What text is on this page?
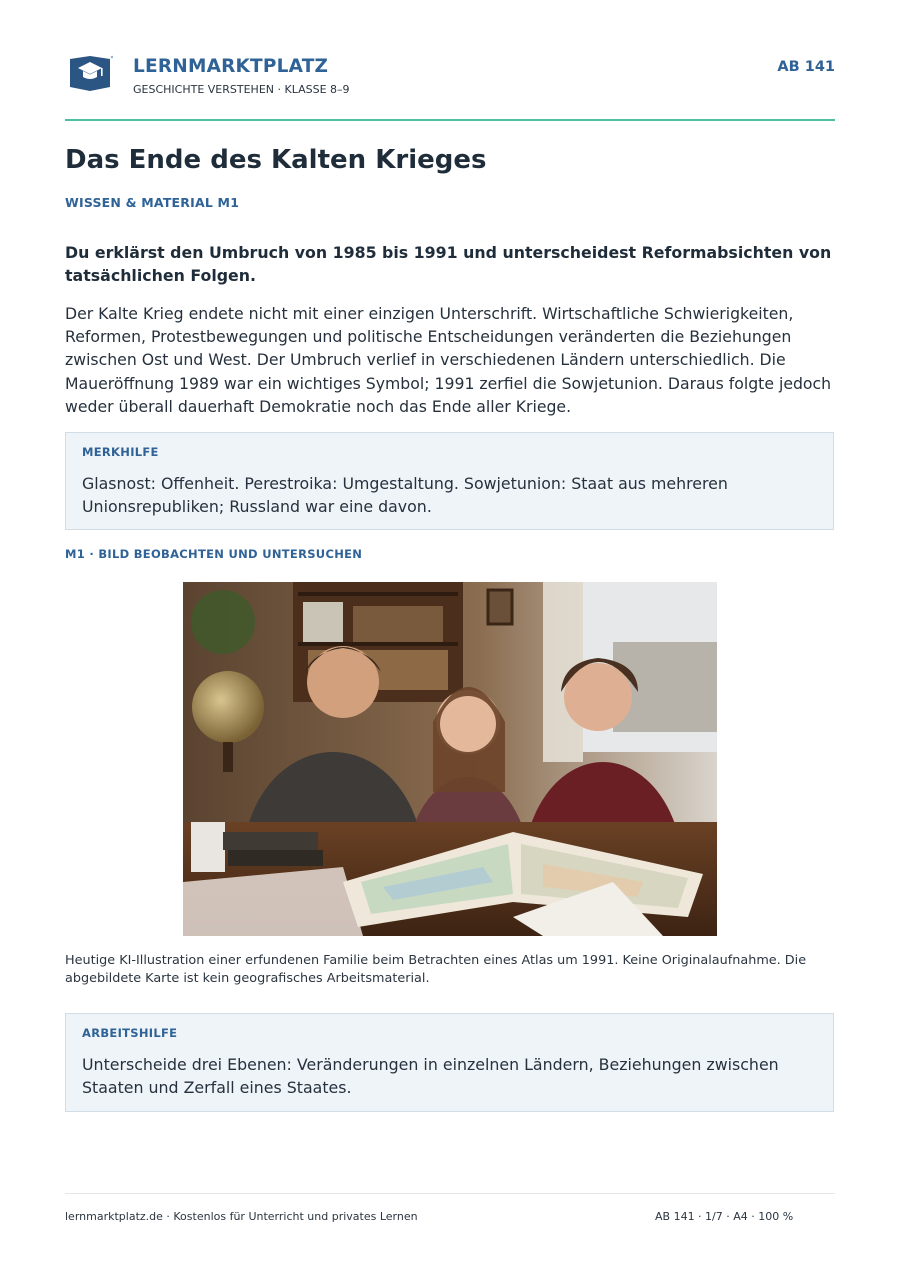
LERNMARKTPLATZ
GESCHICHTE VERSTEHEN · KLASSE 8–9
AB 141
Das Ende des Kalten Krieges
WISSEN & MATERIAL M1

Du erklärst den Umbruch von 1985 bis 1991 und unterscheidest Reformabsichten von tatsächlichen Folgen.

Der Kalte Krieg endete nicht mit einer einzigen Unterschrift. Wirtschaftliche Schwierigkeiten, Reformen, Protestbewegungen und politische Entscheidungen veränderten die Beziehungen zwischen Ost und West. Der Umbruch verlief in verschiedenen Ländern unterschiedlich. Die Maueröffnung 1989 war ein wichtiges Symbol; 1991 zerfiel die Sowjetunion. Daraus folgte jedoch weder überall dauerhaft Demokratie noch das Ende aller Kriege.

MERKHILFE
Glasnost: Offenheit. Perestroika: Umgestaltung. Sowjetunion: Staat aus mehreren Unionsrepubliken; Russland war eine davon.
M1 · BILD BEOBACHTEN UND UNTERSUCHEN

Heutige KI-Illustration einer erfundenen Familie beim Betrachten eines Atlas um 1991. Keine Originalaufnahme. Die abgebildete Karte ist kein geografisches Arbeitsmaterial.

ARBEITSHILFE
Unterscheide drei Ebenen: Veränderungen in einzelnen Ländern, Beziehungen zwischen Staaten und Zerfall eines Staates.
lernmarktplatz.de · Kostenlos für Unterricht und privates Lernen	AB 141 · 1/7 · A4 · 100 %
